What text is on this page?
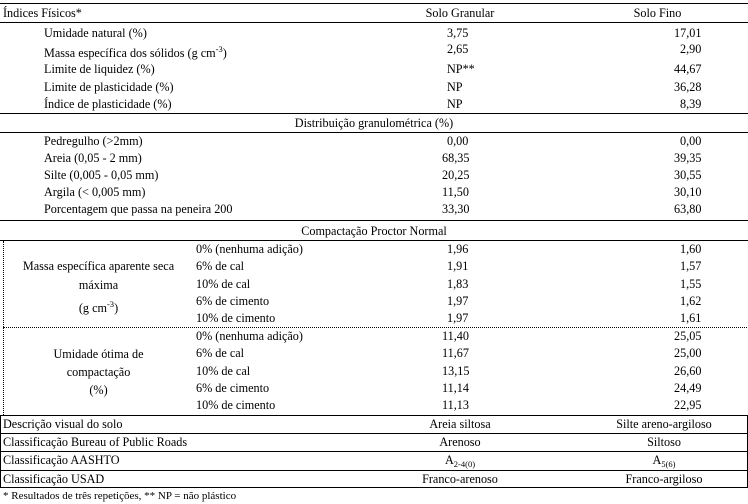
Índices Físicos*	Solo Granular	Solo Fino
Umidade natural (%)	3,75	17,01
Massa específica dos sólidos (g $cm^{-3}$)	2,65	2,90
Limite de liquidez (%)	NP**	44,67
Limite de plasticidade (%)	NP	36,28
Índice de plasticidade (%)	NP	8,39
Distribuição granulométrica (%)
Pedregulho (>2mm)	0,00	0,00
Areia (0,05 - 2 mm)	68,35	39,35
Silte (0,005 - 0,05 mm)	20,25	30,55
Argila (< 0,005 mm)	11,50	30,10
Porcentagem que passa na peneira 200	33,30	63,80
Compactação Proctor Normal
Massa específica aparente seca
máxima
(g $cm^{-3}$)
0% (nenhuma adição)	1,96	1,60
6% de cal	1,91	1,57
10% de cal	1,83	1,55
6% de cimento	1,97	1,62
10% de cimento	1,97	1,61
Umidade ótima de
compactação
(%)
0% (nenhuma adição)	11,40	25,05
6% de cal	11,67	25,00
10% de cal	13,15	26,60
6% de cimento	11,14	24,49
10% de cimento	11,13	22,95
Descrição visual do solo	Areia siltosa	Silte areno-argiloso
Classificação Bureau of Public Roads	Arenoso	Siltoso
Classificação AASHTO	$A_{2-4(0)}$	$A_{5(6)}$
Classificação USAD	Franco-arenoso	Franco-argiloso
* Resultados de três repetições, ** NP = não plástico
